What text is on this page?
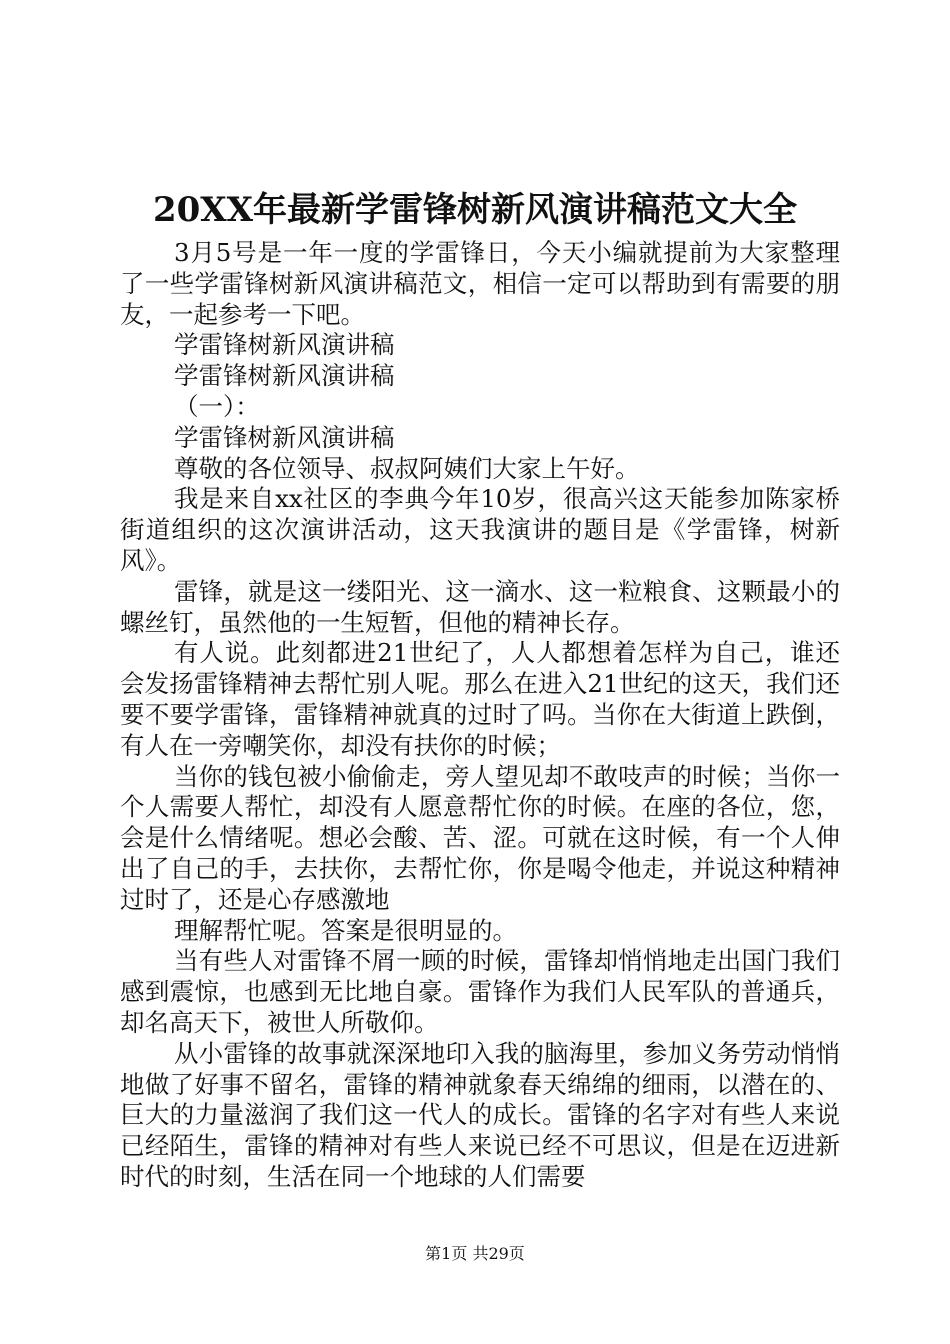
20XX年最新学雷锋树新风演讲稿范文大全

3月5号是一年一度的学雷锋日，今天小编就提前为大家整理了一些学雷锋树新风演讲稿范文，相信一定可以帮助到有需要的朋友，一起参考一下吧。

学雷锋树新风演讲稿

学雷锋树新风演讲稿

（一）：

学雷锋树新风演讲稿

尊敬的各位领导、叔叔阿姨们大家上午好。

我是来自xx社区的李典今年10岁，很高兴这天能参加陈家桥街道组织的这次演讲活动，这天我演讲的题目是《学雷锋，树新风》。

雷锋，就是这一缕阳光、这一滴水、这一粒粮食、这颗最小的螺丝钉，虽然他的一生短暂，但他的精神长存。

有人说。此刻都进21世纪了，人人都想着怎样为自己，谁还会发扬雷锋精神去帮忙别人呢。那么在进入21世纪的这天，我们还要不要学雷锋，雷锋精神就真的过时了吗。当你在大街道上跌倒，有人在一旁嘲笑你，却没有扶你的时候；

当你的钱包被小偷偷走，旁人望见却不敢吱声的时候；当你一个人需要人帮忙，却没有人愿意帮忙你的时候。在座的各位，您，会是什么情绪呢。想必会酸、苦、涩。可就在这时候，有一个人伸出了自己的手，去扶你，去帮忙你，你是喝令他走，并说这种精神过时了，还是心存感激地

理解帮忙呢。答案是很明显的。

当有些人对雷锋不屑一顾的时候，雷锋却悄悄地走出国门我们感到震惊，也感到无比地自豪。雷锋作为我们人民军队的普通兵，却名高天下，被世人所敬仰。

从小雷锋的故事就深深地印入我的脑海里，参加义务劳动悄悄地做了好事不留名，雷锋的精神就象春天绵绵的细雨，以潜在的、巨大的力量滋润了我们这一代人的成长。雷锋的名字对有些人来说已经陌生，雷锋的精神对有些人来说已经不可思议，但是在迈进新时代的时刻，生活在同一个地球的人们需要

第1页 共29页
